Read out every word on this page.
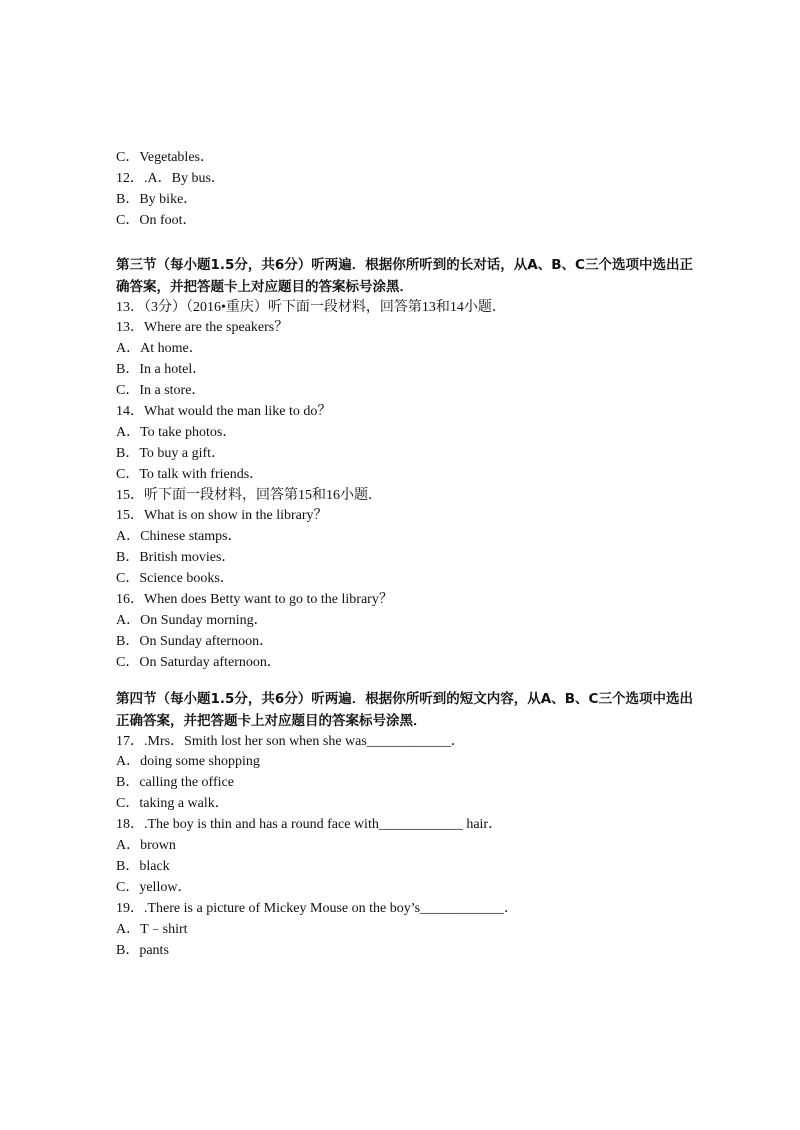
C．Vegetables．
12．.A．By bus．
B．By bike．
C．On foot．
第三节（每小题1.5分，共6分）听两遍．根据你所听到的长对话，从A、B、C三个选项中选出正确答案，并把答题卡上对应题目的答案标号涂黑．
13．（3分）（2016•重庆）听下面一段材料，回答第13和14小题．
13．Where are the speakers？
A．At home．
B．In a hotel．
C．In a store．
14．What would the man like to do？
A．To take photos．
B．To buy a gift．
C．To talk with friends．
15．听下面一段材料，回答第15和16小题．
15．What is on show in the library？
A．Chinese stamps．
B．British movies．
C．Science books．
16．When does Betty want to go to the library？
A．On Sunday morning．
B．On Sunday afternoon．
C．On Saturday afternoon．
第四节（每小题1.5分，共6分）听两遍．根据你所听到的短文内容，从A、B、C三个选项中选出正确答案，并把答题卡上对应题目的答案标号涂黑．
17．.Mrs．Smith lost her son when she was____________．
A．doing some shopping
B．calling the office
C．taking a walk．
18．.The boy is thin and has a round face with____________ hair．
A．brown
B．black
C．yellow．
19．.There is a picture of Mickey Mouse on the boy’s____________．
A．T﹣shirt
B．pants
